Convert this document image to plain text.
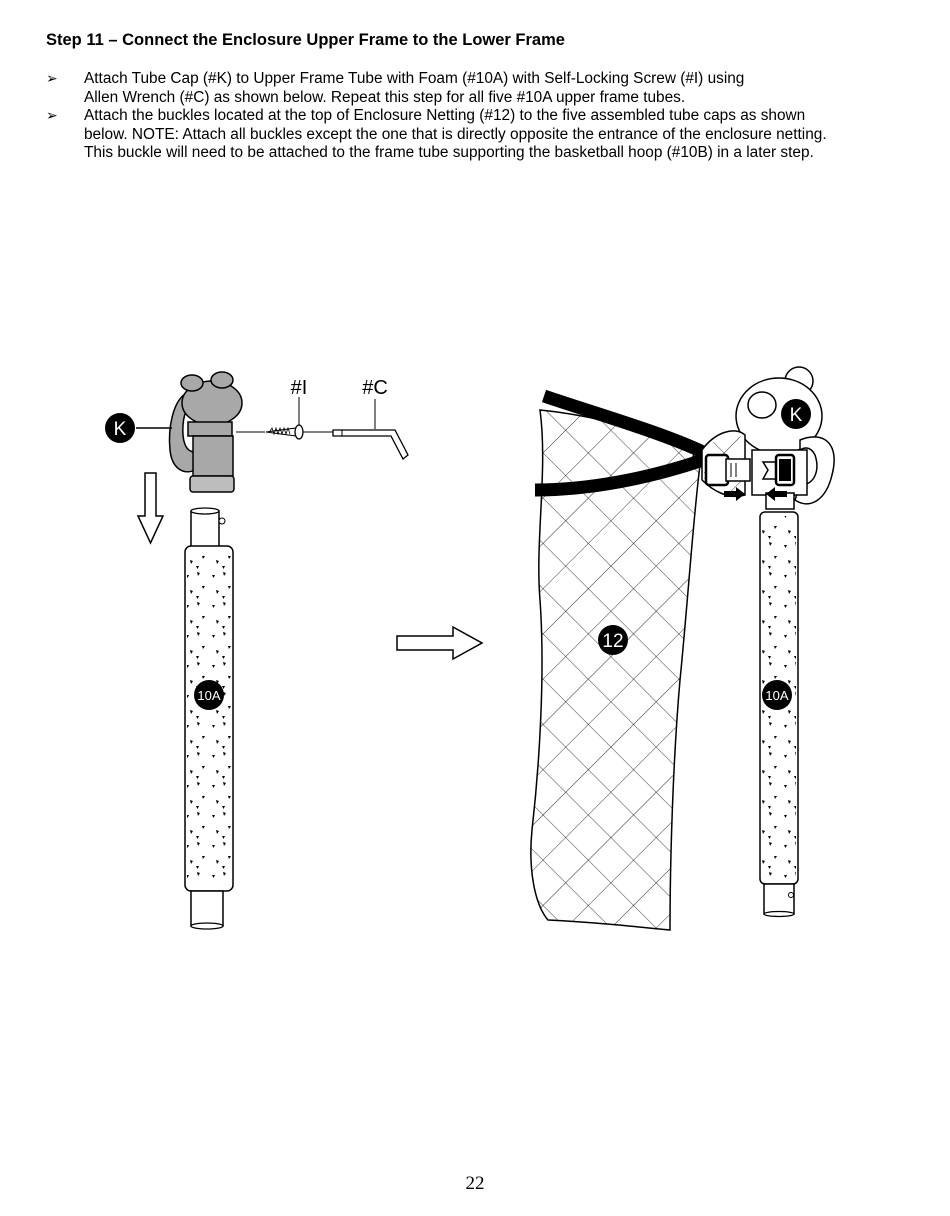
Step 11 – Connect the Enclosure Upper Frame to the Lower Frame
➢ Attach Tube Cap (#K) to Upper Frame Tube with Foam (#10A) with Self-Locking Screw (#I) using
Allen Wrench (#C) as shown below. Repeat this step for all five #10A upper frame tubes.
➢ Attach the buckles located at the top of Enclosure Netting (#12) to the five assembled tube caps as shown
below. NOTE: Attach all buckles except the one that is directly opposite the entrance of the enclosure netting.
This buckle will need to be attached to the frame tube supporting the basketball hoop (#10B) in a later step.
K
#I	#C
10A
12
K
10A
22
